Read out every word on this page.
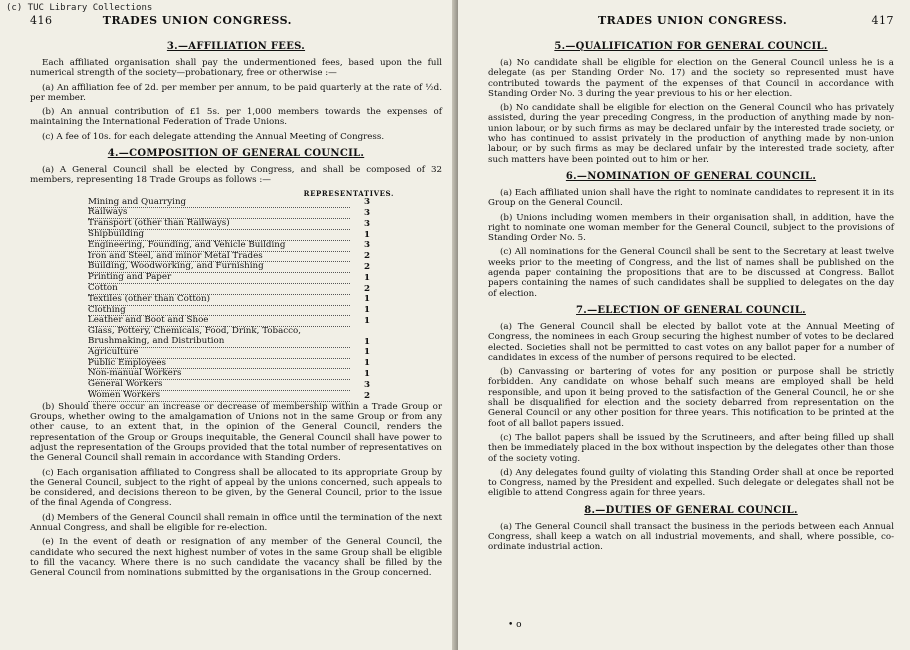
(c) TUC Library Collections
416	TRADES UNION CONGRESS.
3.—AFFILIATION FEES.

Each affiliated organisation shall pay the undermentioned fees, based upon the full numerical strength of the society—probationary, free or otherwise :—

(a) An affiliation fee of 2d. per member per annum, to be paid quarterly at the rate of ½d. per member.

(b) An annual contribution of £1 5s. per 1,000 members towards the expenses of maintaining the International Federation of Trade Unions.

(c) A fee of 10s. for each delegate attending the Annual Meeting of Congress.

4.—COMPOSITION OF GENERAL COUNCIL.

(a) A General Council shall be elected by Congress, and shall be composed of 32 members, representing 18 Trade Groups as follows :—

REPRESENTATIVES.
Mining and Quarrying	3
Railways	3
Transport (other than Railways)	3
Shipbuilding	1
Engineering, Founding, and Vehicle Building	3
Iron and Steel, and minor Metal Trades	2
Building, Woodworking, and Furnishing	2
Printing and Paper	1
Cotton	2
Textiles (other than Cotton)	1
Clothing	1
Leather and Boot and Shoe	1
Glass, Pottery, Chemicals, Food, Drink, Tobacco, Brushmaking, and Distribution	1
Agriculture	1
Public Employees	1
Non-manual Workers	1
General Workers	3
Women Workers	2

(b) Should there occur an increase or decrease of membership within a Trade Group or Groups, whether owing to the amalgamation of Unions not in the same Group or from any other cause, to an extent that, in the opinion of the General Council, renders the representation of the Group or Groups inequitable, the General Council shall have power to adjust the representation of the Groups provided that the total number of representatives on the General Council shall remain in accordance with Standing Orders.

(c) Each organisation affiliated to Congress shall be allocated to its appropriate Group by the General Council, subject to the right of appeal by the unions concerned, such appeals to be considered, and decisions thereon to be given, by the General Council, prior to the issue of the final Agenda of Congress.

(d) Members of the General Council shall remain in office until the termination of the next Annual Congress, and shall be eligible for re-election.

(e) In the event of death or resignation of any member of the General Council, the candidate who secured the next highest number of votes in the same Group shall be eligible to fill the vacancy. Where there is no such candidate the vacancy shall be filled by the General Council from nominations submitted by the organisations in the Group concerned.

TRADES UNION CONGRESS.	417
5.—QUALIFICATION FOR GENERAL COUNCIL.

(a) No candidate shall be eligible for election on the General Council unless he is a delegate (as per Standing Order No. 17) and the society so represented must have contributed towards the payment of the expenses of that Council in accordance with Standing Order No. 3 during the year previous to his or her election.

(b) No candidate shall be eligible for election on the General Council who has privately assisted, during the year preceding Congress, in the production of anything made by non-union labour, or by such firms as may be declared unfair by the interested trade society, or who has continued to assist privately in the production of anything made by non-union labour, or by such firms as may be declared unfair by the interested trade society, after such matters have been pointed out to him or her.

6.—NOMINATION OF GENERAL COUNCIL.

(a) Each affiliated union shall have the right to nominate candidates to represent it in its Group on the General Council.

(b) Unions including women members in their organisation shall, in addition, have the right to nominate one woman member for the General Council, subject to the provisions of Standing Order No. 5.

(c) All nominations for the General Council shall be sent to the Secretary at least twelve weeks prior to the meeting of Congress, and the list of names shall be published on the agenda paper containing the propositions that are to be discussed at Congress. Ballot papers containing the names of such candidates shall be supplied to delegates on the day of election.

7.—ELECTION OF GENERAL COUNCIL.

(a) The General Council shall be elected by ballot vote at the Annual Meeting of Congress, the nominees in each Group securing the highest number of votes to be declared elected. Societies shall not be permitted to cast votes on any ballot paper for a number of candidates in excess of the number of persons required to be elected.

(b) Canvassing or bartering of votes for any position or purpose shall be strictly forbidden. Any candidate on whose behalf such means are employed shall be held responsible, and upon it being proved to the satisfaction of the General Council, he or she shall be disqualified for election and the society debarred from representation on the General Council or any other position for three years. This notification to be printed at the foot of all ballot papers issued.

(c) The ballot papers shall be issued by the Scrutineers, and after being filled up shall then be immediately placed in the box without inspection by the delegates other than those of the society voting.

(d) Any delegates found guilty of violating this Standing Order shall at once be reported to Congress, named by the President and expelled. Such delegate or delegates shall not be eligible to attend Congress again for three years.

8.—DUTIES OF GENERAL COUNCIL.

(a) The General Council shall transact the business in the periods between each Annual Congress, shall keep a watch on all industrial movements, and shall, where possible, co-ordinate industrial action.

• o
